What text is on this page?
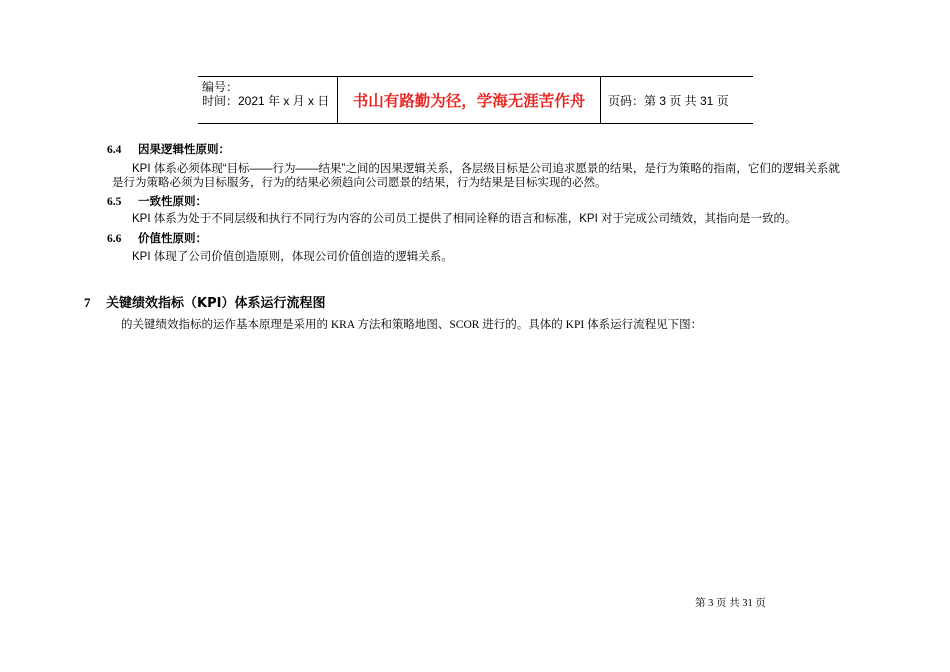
编号：
时间：2021 年 x 月 x 日	书山有路勤为径，学海无涯苦作舟	页码：第 3 页 共 31 页
6.4 因果逻辑性原则：
KPI 体系必须体现“目标——行为——结果”之间的因果逻辑关系，各层级目标是公司追求愿景的结果，是行为策略的指南，它们的逻辑关系就
是行为策略必须为目标服务，行为的结果必须趋向公司愿景的结果，行为结果是目标实现的必然。
6.5 一致性原则：
KPI 体系为处于不同层级和执行不同行为内容的公司员工提供了相同诠释的语言和标准，KPI 对于完成公司绩效，其指向是一致的。
6.6 价值性原则：
KPI 体现了公司价值创造原则，体现公司价值创造的逻辑关系。
7 关键绩效指标（KPI）体系运行流程图
的关键绩效指标的运作基本原理是采用的 KRA 方法和策略地图、SCOR 进行的。具体的 KPI 体系运行流程见下图：
第 3 页 共 31 页
